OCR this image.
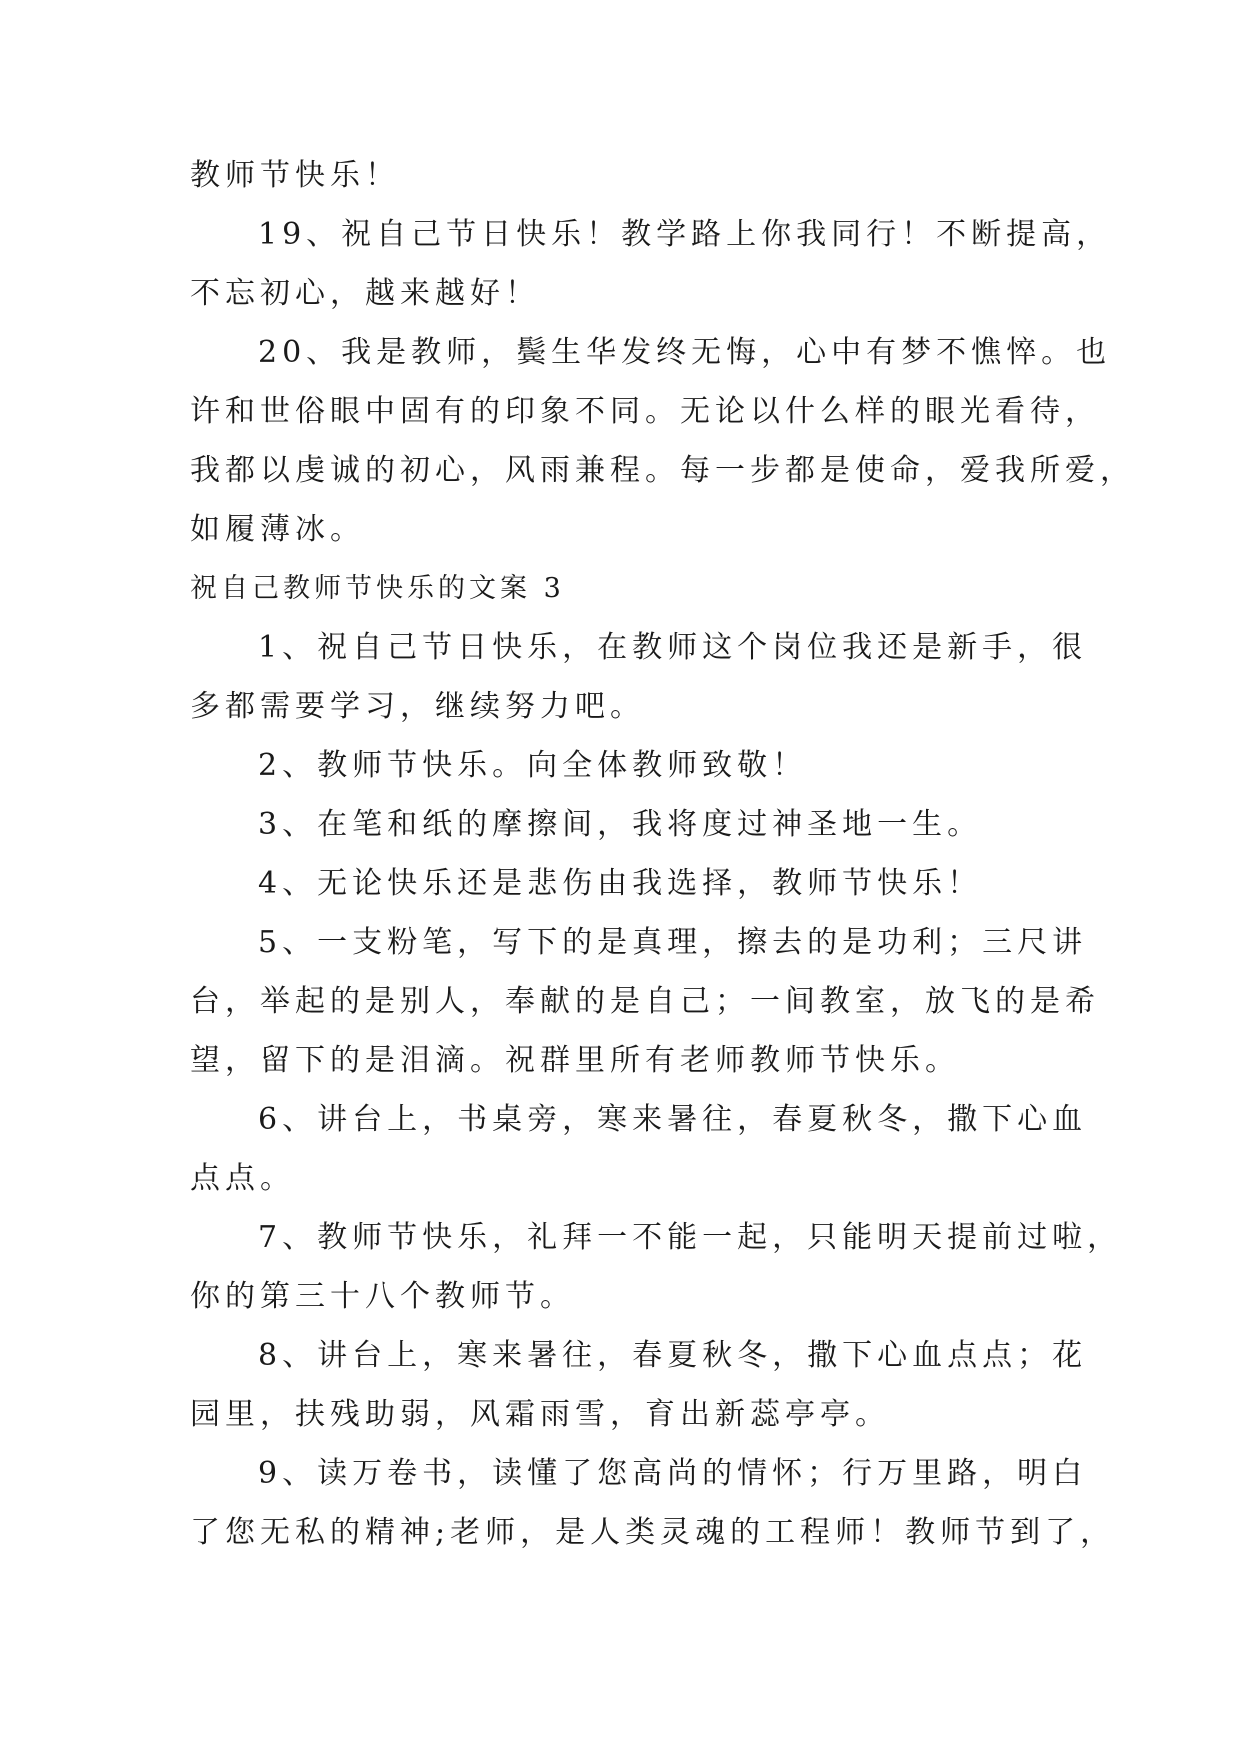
教师节快乐！
19、祝自己节日快乐！教学路上你我同行！不断提高，
不忘初心，越来越好！
20、我是教师，鬓生华发终无悔，心中有梦不憔悴。也
许和世俗眼中固有的印象不同。无论以什么样的眼光看待，
我都以虔诚的初心，风雨兼程。每一步都是使命，爱我所爱，
如履薄冰。
祝自己教师节快乐的文案 3
1、祝自己节日快乐，在教师这个岗位我还是新手，很
多都需要学习，继续努力吧。
2、教师节快乐。向全体教师致敬！
3、在笔和纸的摩擦间，我将度过神圣地一生。
4、无论快乐还是悲伤由我选择，教师节快乐！
5、一支粉笔，写下的是真理，擦去的是功利；三尺讲
台，举起的是别人，奉献的是自己；一间教室，放飞的是希
望，留下的是泪滴。祝群里所有老师教师节快乐。
6、讲台上，书桌旁，寒来暑往，春夏秋冬，撒下心血
点点。
7、教师节快乐，礼拜一不能一起，只能明天提前过啦，
你的第三十八个教师节。
8、讲台上，寒来暑往，春夏秋冬，撒下心血点点；花
园里，扶残助弱，风霜雨雪，育出新蕊亭亭。
9、读万卷书，读懂了您高尚的情怀；行万里路，明白
了您无私的精神;老师，是人类灵魂的工程师！教师节到了，
